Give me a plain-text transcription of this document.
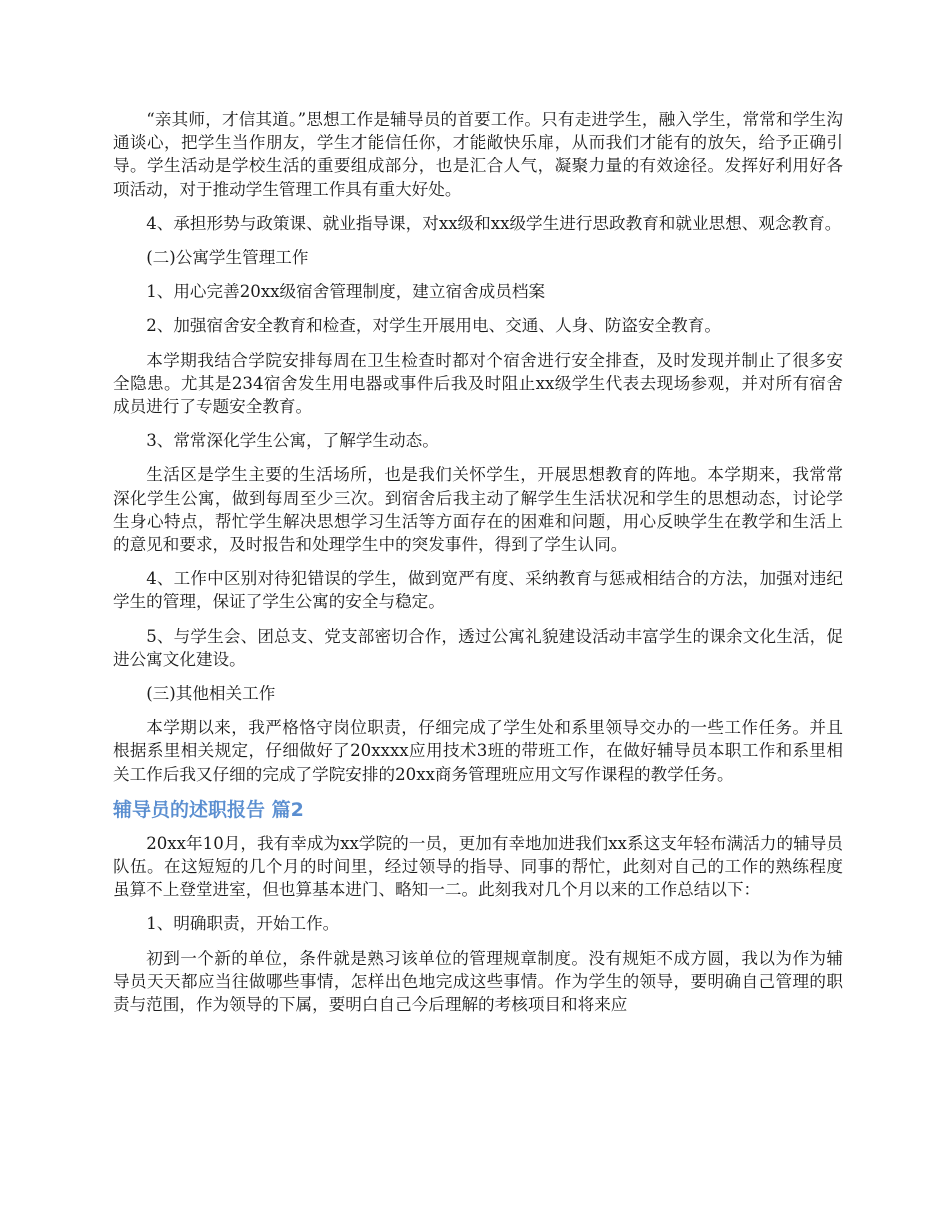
“亲其师，才信其道。”思想工作是辅导员的首要工作。只有走进学生，融入学生，常常和学生沟通谈心，把学生当作朋友，学生才能信任你，才能敞快乐扉，从而我们才能有的放矢，给予正确引导。学生活动是学校生活的重要组成部分，也是汇合人气，凝聚力量的有效途径。发挥好利用好各项活动，对于推动学生管理工作具有重大好处。

4、承担形势与政策课、就业指导课，对xx级和xx级学生进行思政教育和就业思想、观念教育。

(二)公寓学生管理工作

1、用心完善20xx级宿舍管理制度，建立宿舍成员档案

2、加强宿舍安全教育和检查，对学生开展用电、交通、人身、防盗安全教育。

本学期我结合学院安排每周在卫生检查时都对个宿舍进行安全排查，及时发现并制止了很多安全隐患。尤其是234宿舍发生用电器或事件后我及时阻止xx级学生代表去现场参观，并对所有宿舍成员进行了专题安全教育。

3、常常深化学生公寓，了解学生动态。

生活区是学生主要的生活场所，也是我们关怀学生，开展思想教育的阵地。本学期来，我常常深化学生公寓，做到每周至少三次。到宿舍后我主动了解学生生活状况和学生的思想动态，讨论学生身心特点，帮忙学生解决思想学习生活等方面存在的困难和问题，用心反映学生在教学和生活上的意见和要求，及时报告和处理学生中的突发事件，得到了学生认同。

4、工作中区别对待犯错误的学生，做到宽严有度、采纳教育与惩戒相结合的方法，加强对违纪学生的管理，保证了学生公寓的安全与稳定。

5、与学生会、团总支、党支部密切合作，透过公寓礼貌建设活动丰富学生的课余文化生活，促进公寓文化建设。

(三)其他相关工作

本学期以来，我严格恪守岗位职责，仔细完成了学生处和系里领导交办的一些工作任务。并且根据系里相关规定，仔细做好了20xxxx应用技术3班的带班工作，在做好辅导员本职工作和系里相关工作后我又仔细的完成了学院安排的20xx商务管理班应用文写作课程的教学任务。

辅导员的述职报告 篇2

20xx年10月，我有幸成为xx学院的一员，更加有幸地加进我们xx系这支年轻布满活力的辅导员队伍。在这短短的几个月的时间里，经过领导的指导、同事的帮忙，此刻对自己的工作的熟练程度虽算不上登堂进室，但也算基本进门、略知一二。此刻我对几个月以来的工作总结以下：

1、明确职责，开始工作。

初到一个新的单位，条件就是熟习该单位的管理规章制度。没有规矩不成方圆，我以为作为辅导员天天都应当往做哪些事情，怎样出色地完成这些事情。作为学生的领导，要明确自己管理的职责与范围，作为领导的下属，要明白自己今后理解的考核项目和将来应
